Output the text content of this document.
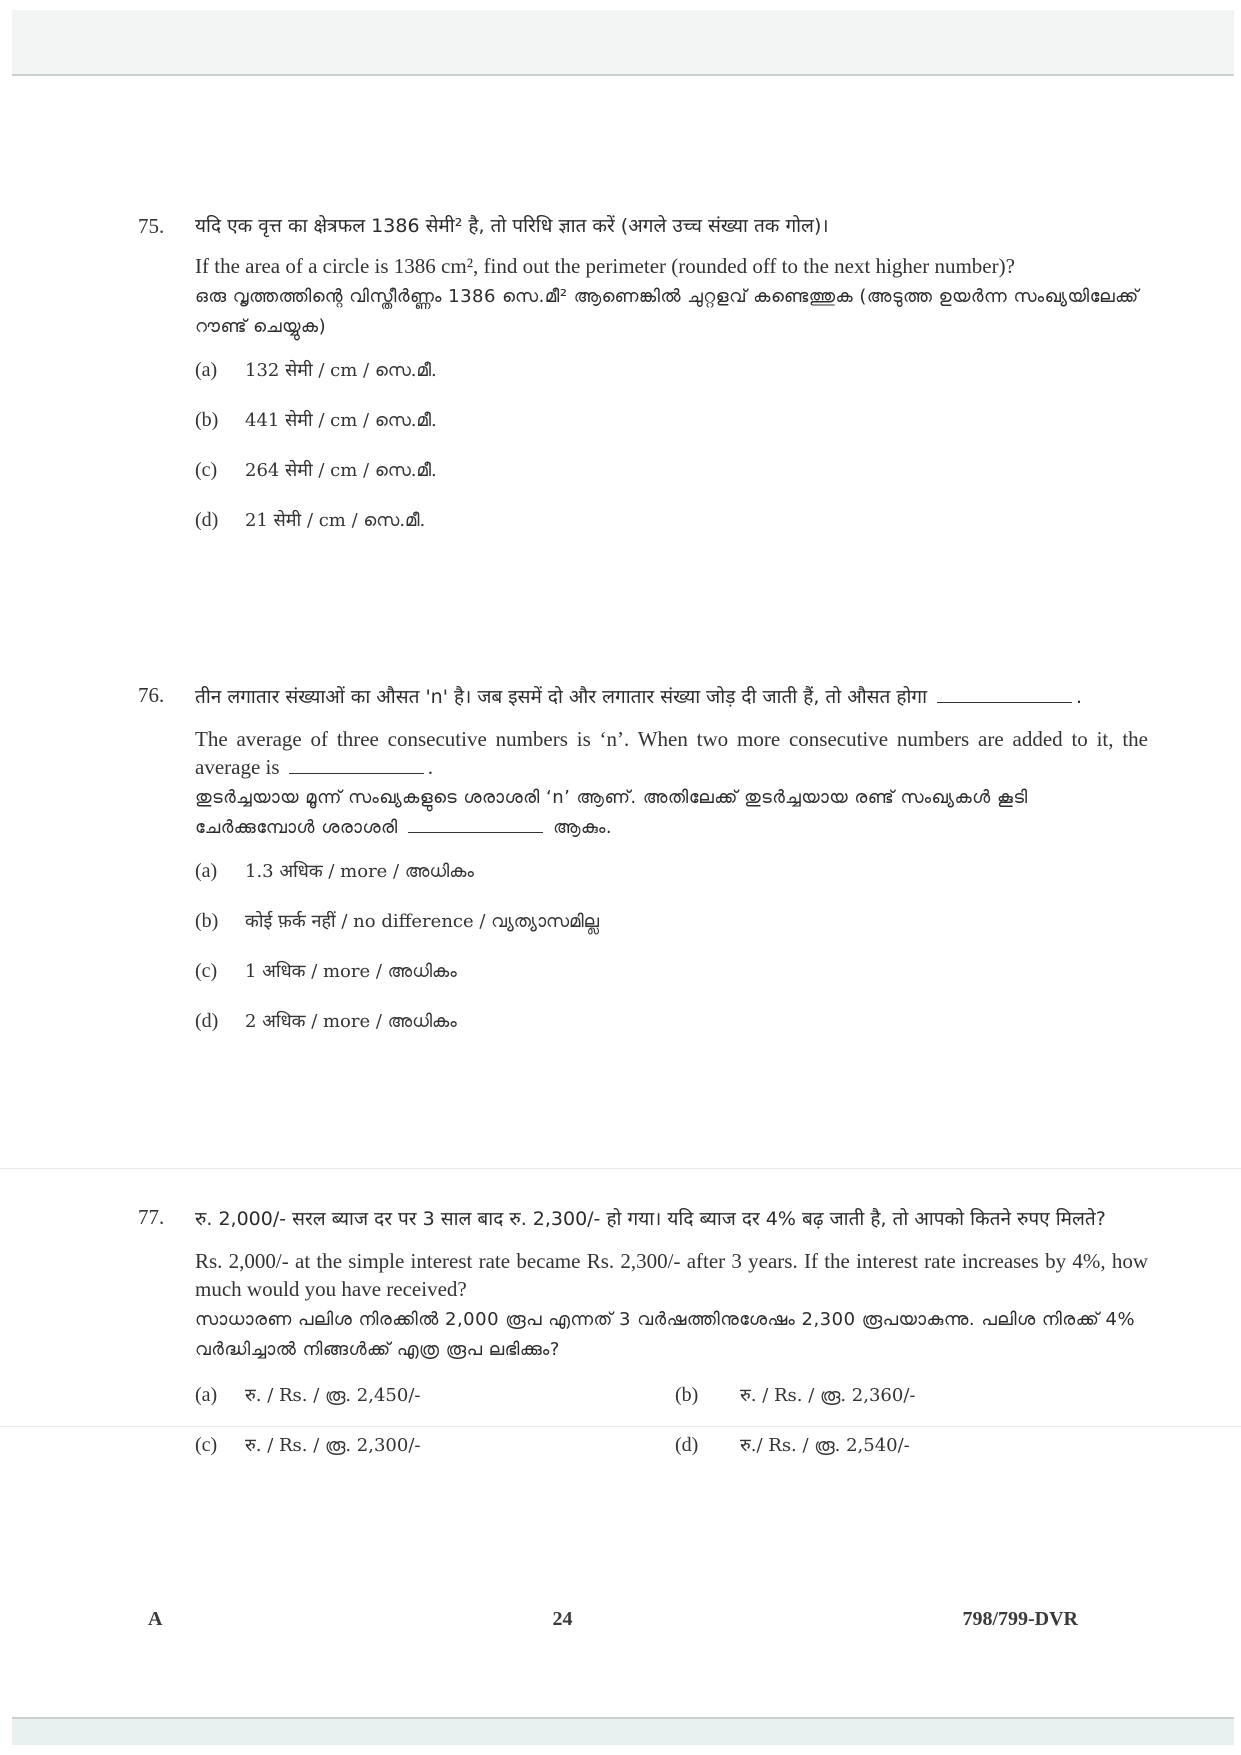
75. यदि एक वृत्त का क्षेत्रफल 1386 सेमी² है, तो परिधि ज्ञात करें (अगले उच्च संख्या तक गोल)।

If the area of a circle is 1386 cm², find out the perimeter (rounded off to the next higher number)?

ഒരു വൃത്തത്തിന്റെ വിസ്തീർണ്ണം 1386 സെ.മീ² ആണെങ്കിൽ ചുറ്റളവ് കണ്ടെത്തുക (അടുത്ത ഉയർന്ന സംഖ്യയിലേക്ക് റൗണ്ട് ചെയ്യുക)

(a)	132 सेमी / cm / സെ.മീ.
(b)	441 सेमी / cm / സെ.മീ.
(c)	264 सेमी / cm / സെ.മീ.
(d)	21 सेमी / cm / സെ.മീ.
76. तीन लगातार संख्याओं का औसत 'n' है। जब इसमें दो और लगातार संख्या जोड़ दी जाती हैं, तो औसत होगा	.

The average of three consecutive numbers is ‘n’. When two more consecutive numbers are added to it, the average is	.

തുടർച്ചയായ മൂന്ന് സംഖ്യകളുടെ ശരാശരി ‘n’ ആണ്. അതിലേക്ക് തുടർച്ചയായ രണ്ട് സംഖ്യകൾ കൂടി ചേർക്കുമ്പോൾ ശരാശരി	ആകും.

(a)	1.3 अधिक / more / അധികം
(b)	कोई फ़र्क नहीं / no difference / വ്യത്യാസമില്ല
(c)	1 अधिक / more / അധികം
(d)	2 अधिक / more / അധികം
77. रु. 2,000/- सरल ब्याज दर पर 3 साल बाद रु. 2,300/- हो गया। यदि ब्याज दर 4% बढ़ जाती है, तो आपको कितने रुपए मिलते?

Rs. 2,000/- at the simple interest rate became Rs. 2,300/- after 3 years. If the interest rate increases by 4%, how much would you have received?

സാധാരണ പലിശ നിരക്കിൽ 2,000 രൂപ എന്നത് 3 വർഷത്തിനുശേഷം 2,300 രൂപയാകുന്നു. പലിശ നിരക്ക് 4% വർദ്ധിച്ചാൽ നിങ്ങൾക്ക് എത്ര രൂപ ലഭിക്കും?

(a)	रु. / Rs. / രൂ. 2,450/-	(b)	रु. / Rs. / രൂ. 2,360/-
(c)	रु. / Rs. / രൂ. 2,300/-	(d)	रु./ Rs. / രൂ. 2,540/-
A	24	798/799-DVR
